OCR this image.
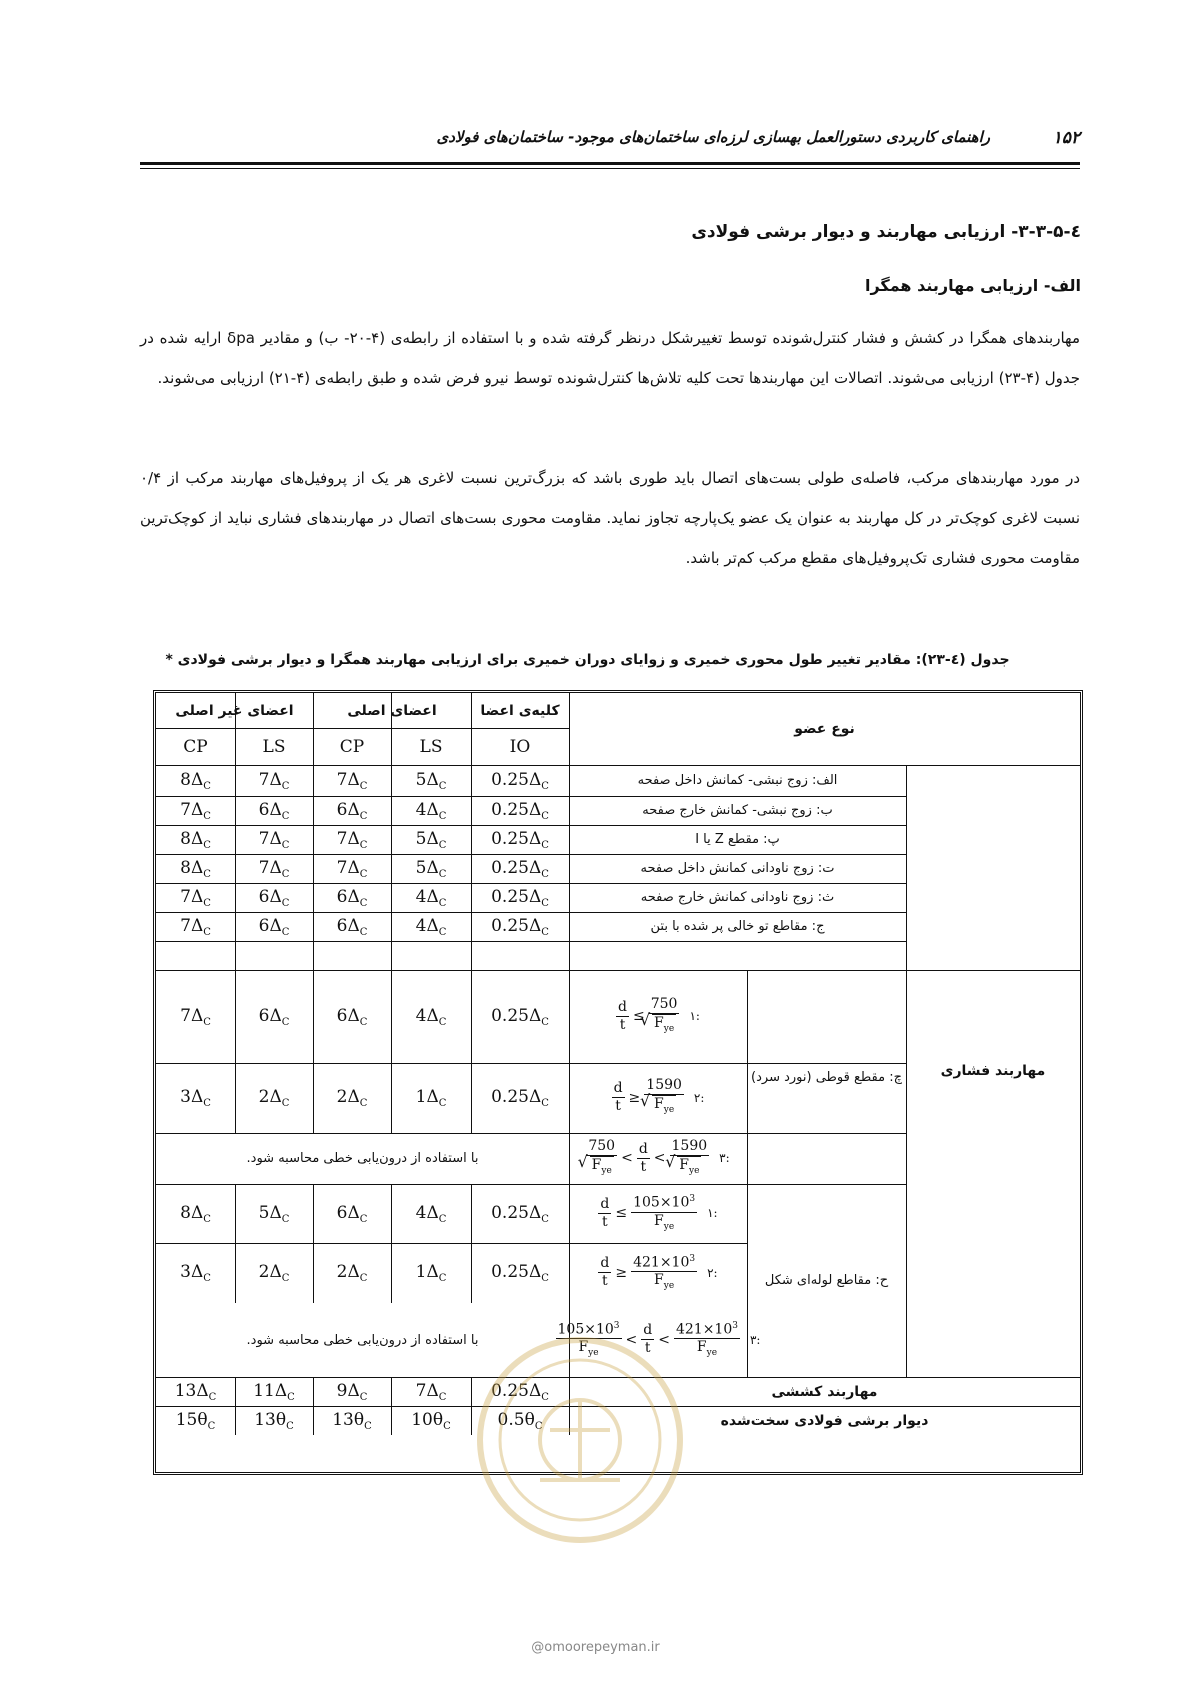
۱۵۲
راهنمای کاربردی دستورالعمل بهسازی لرزه‌ای ساختمان‌های موجود- ساختمان‌های فولادی
٤-۳-۳-۵- ارزیابی مهاربند و دیوار برشی فولادی
الف- ارزیابی مهاربند همگرا
مهاربندهای همگرا در کشش و فشار کنترل‌شونده توسط تغییرشکل درنظر گرفته شده و با استفاده از رابطه‌ی (۴-۲۰- ب) و مقادیر δpa ارایه شده در جدول (۴-۲۳) ارزیابی می‌شوند. اتصالات این مهاربندها تحت کلیه تلاش‌ها کنترل‌شونده توسط نیرو فرض شده و طبق رابطه‌ی (۴-۲۱) ارزیابی می‌شوند.
در مورد مهاربندهای مرکب، فاصله‌ی طولی بست‌های اتصال باید طوری باشد که بزرگ‌ترین نسبت لاغری هر یک از پروفیل‌های مهاربند مرکب از ۰/۴ نسبت لاغری کوچک‌تر در کل مهاربند به عنوان یک عضو یک‌پارچه تجاوز نماید. مقاومت محوری بست‌های اتصال در مهاربندهای فشاری نباید از کوچک‌ترین مقاومت محوری فشاری تک‌پروفیل‌های مقطع مرکب کم‌تر باشد.
جدول (٤-٢٣): مقادیر تغییر طول محوری خمیری و زوایای دوران خمیری برای ارزیابی مهاربند همگرا و دیوار برشی فولادی *
نوع عضو
کلیه‌ی اعضا
اعضای اصلی
اعضای غیر اصلی
IO
LS
CP
LS
CP
الف: زوج نبشی- کمانش داخل صفحه
$0.25\Delta_C$
$5\Delta_C$
$7\Delta_C$
$7\Delta_C$
$8\Delta_C$
ب: زوج نبشی- کمانش خارج صفحه
$0.25\Delta_C$
$4\Delta_C$
$6\Delta_C$
$6\Delta_C$
$7\Delta_C$
پ: مقطع Z یا I
$0.25\Delta_C$
$5\Delta_C$
$7\Delta_C$
$7\Delta_C$
$8\Delta_C$
ت: زوج ناودانی کمانش داخل صفحه
$0.25\Delta_C$
$5\Delta_C$
$7\Delta_C$
$7\Delta_C$
$8\Delta_C$
ث: زوج ناودانی کمانش خارج صفحه
$0.25\Delta_C$
$4\Delta_C$
$6\Delta_C$
$6\Delta_C$
$7\Delta_C$
ج: مقاطع تو خالی پر شده با بتن
$0.25\Delta_C$
$4\Delta_C$
$6\Delta_C$
$6\Delta_C$
$7\Delta_C$
مهاربند فشاری
چ: مقطع قوطی (نورد سرد)
$0.25\Delta_C$
$4\Delta_C$
$6\Delta_C$
$6\Delta_C$
$7\Delta_C$
$0.25\Delta_C$
$1\Delta_C$
$2\Delta_C$
$2\Delta_C$
$3\Delta_C$
با استفاده از درون‌یابی خطی محاسبه شود.
ح: مقاطع لوله‌ای شکل
$0.25\Delta_C$
$4\Delta_C$
$6\Delta_C$
$5\Delta_C$
$8\Delta_C$
$0.25\Delta_C$
$1\Delta_C$
$2\Delta_C$
$2\Delta_C$
$3\Delta_C$
با استفاده از درون‌یابی خطی محاسبه شود.
مهاربند کششی
$0.25\Delta_C$
$7\Delta_C$
$9\Delta_C$
$11\Delta_C$
$13\Delta_C$
دیوار برشی فولادی سخت‌شده
$0.5\theta_C$
$10\theta_C$
$13\theta_C$
$13\theta_C$
$15\theta_C$
$\frac{d}{t} \le 750$
√ $F_{ye}$ ۱:
$\frac{d}{t} \ge 1590$
√ $F_{ye}$ ۲:
750
√ $F_{ye} < \frac{d}{t} < 1590$
√ $F_{ye}$ ۳:
$\frac{d}{t} \le \frac{105\times 10^3}{F_{ye}}$ ۱:
$\frac{d}{t} \ge \frac{421\times 10^3}{F_{ye}}$ ۲:
$\frac{105\times 10^3}{F_{ye}} < \frac{d}{t} < \frac{421\times 10^3}{F_{ye}}$ ۳:
@omoorepeyman.ir
